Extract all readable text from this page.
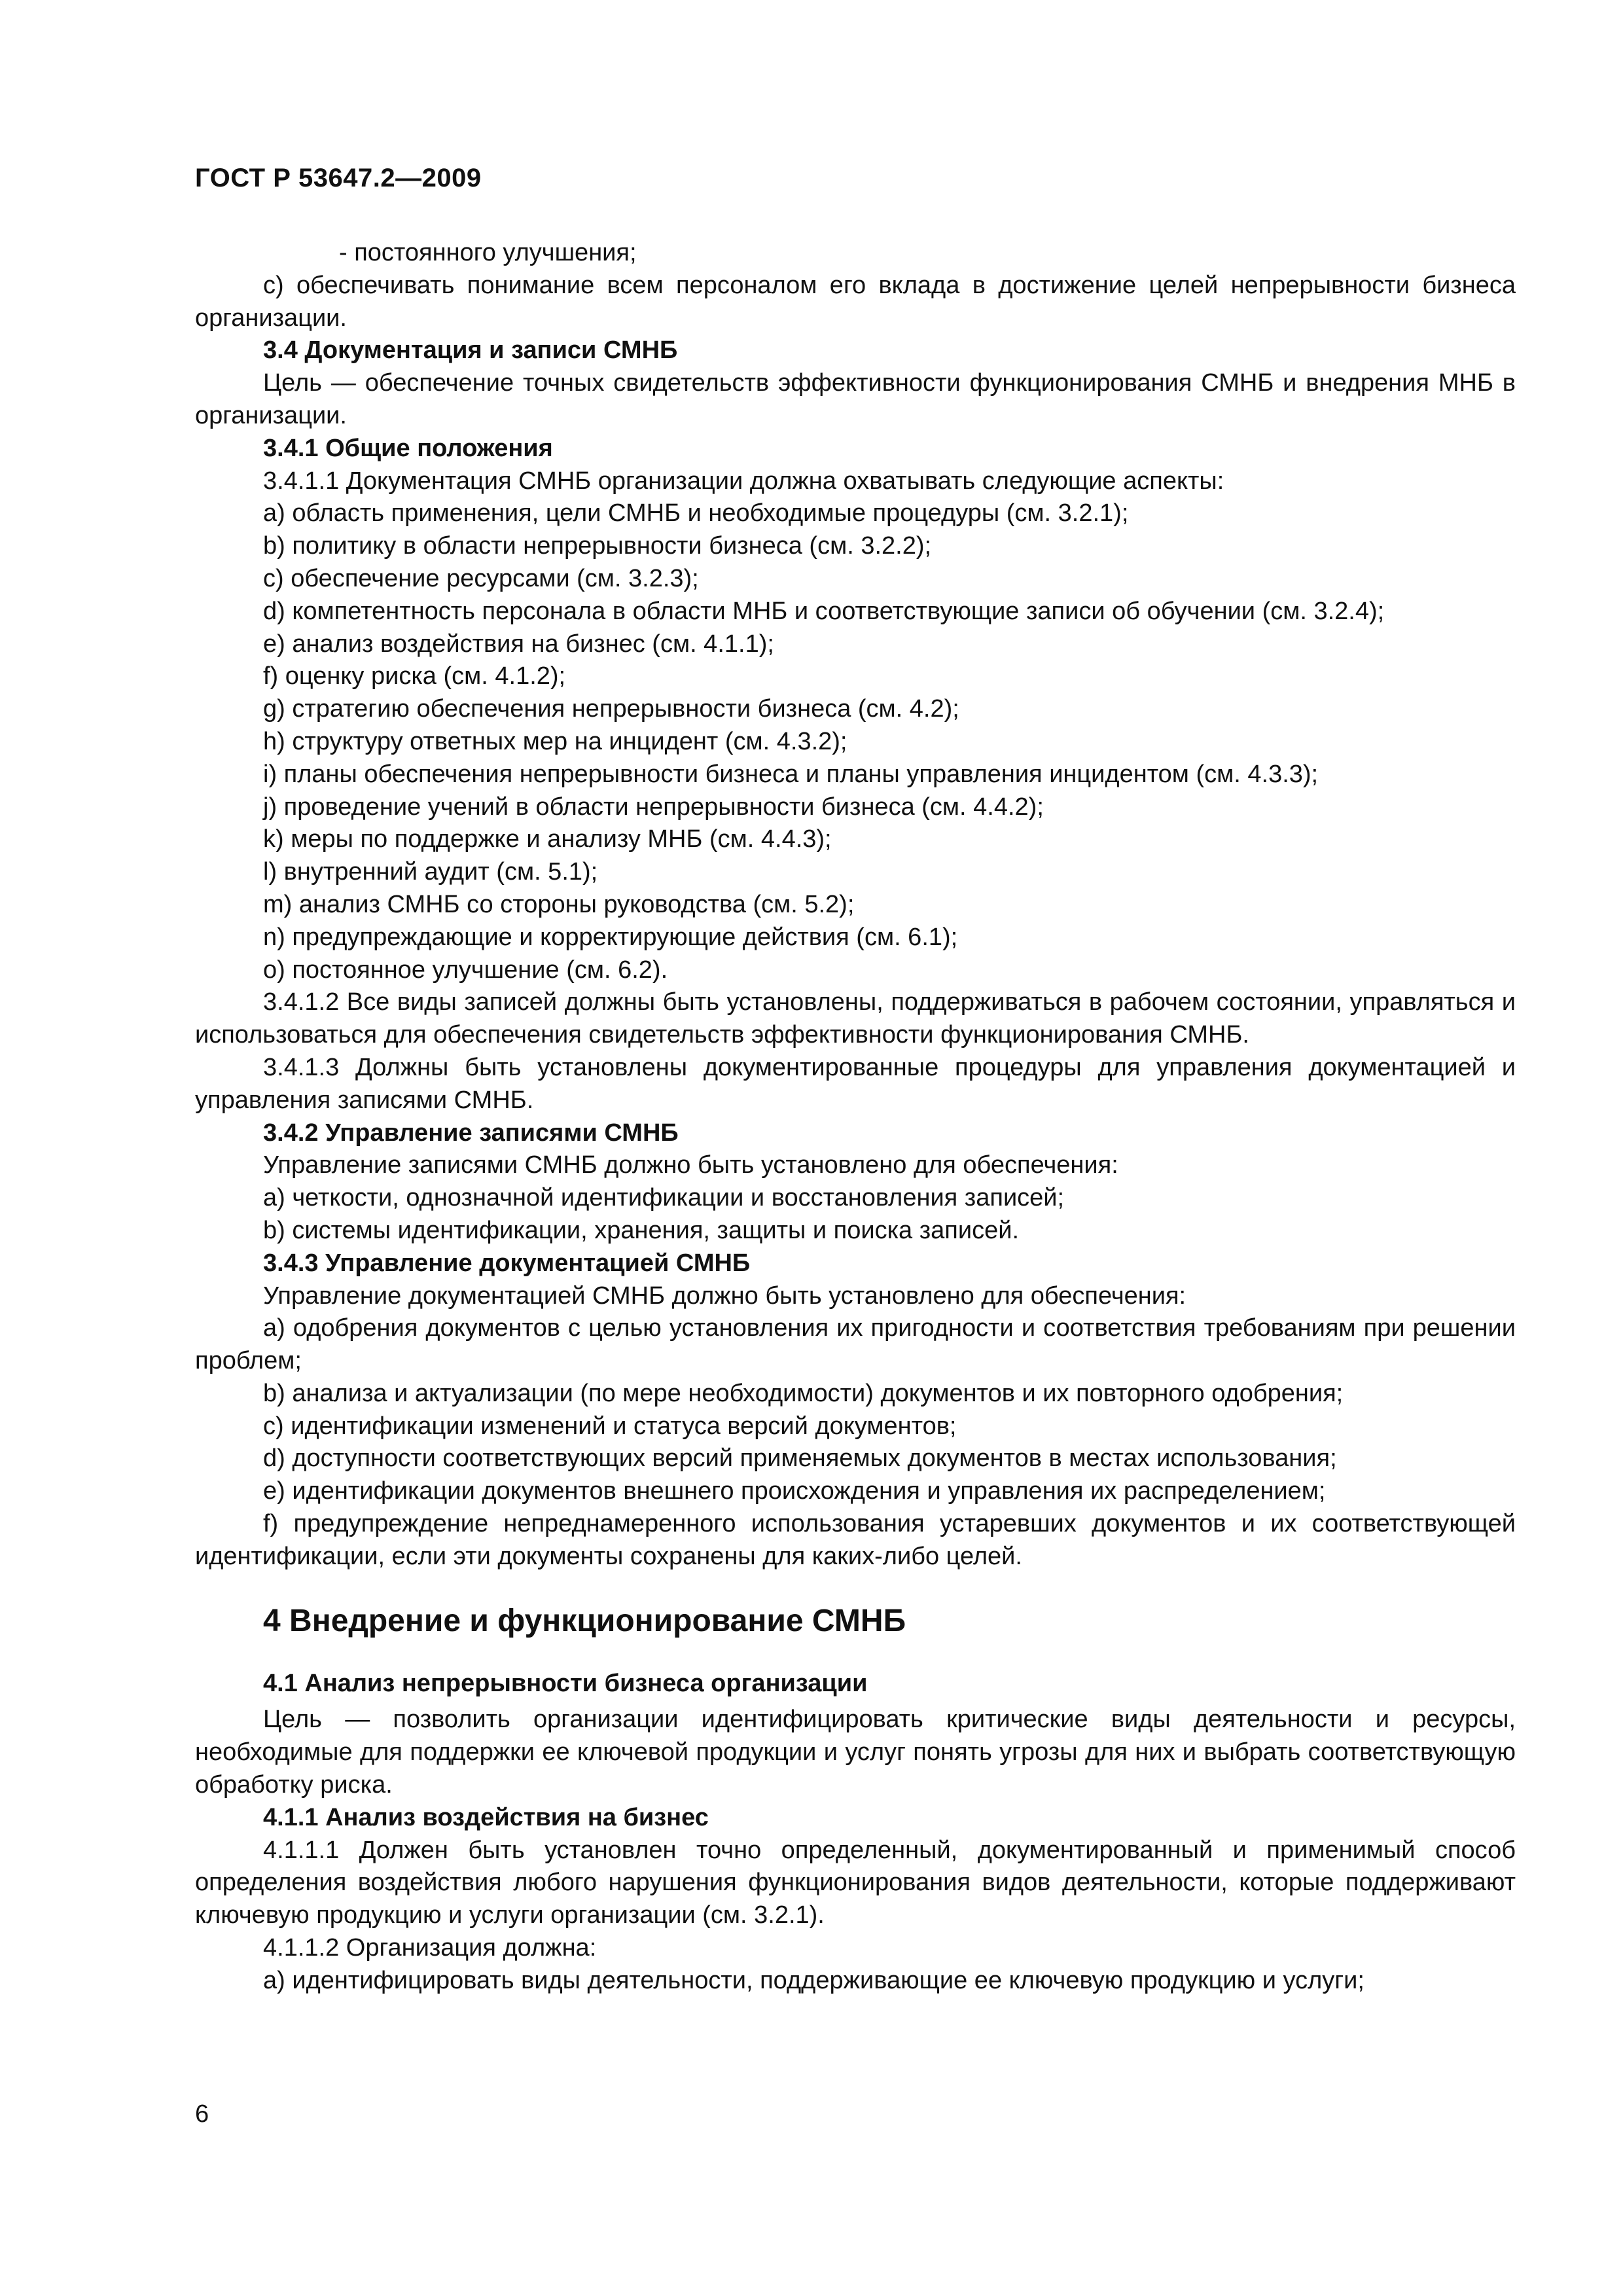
ГОСТ Р 53647.2—2009

- постоянного улучшения;

c) обеспечивать понимание всем персоналом его вклада в достижение целей непрерывности бизнеса организации.

3.4 Документация и записи СМНБ

Цель — обеспечение точных свидетельств эффективности функционирования СМНБ и внедрения МНБ в организации.

3.4.1 Общие положения

3.4.1.1 Документация СМНБ организации должна охватывать следующие аспекты:

a) область применения, цели СМНБ и необходимые процедуры (см. 3.2.1);

b) политику в области непрерывности бизнеса (см. 3.2.2);

c) обеспечение ресурсами (см. 3.2.3);

d) компетентность персонала в области МНБ и соответствующие записи об обучении (см. 3.2.4);

e) анализ воздействия на бизнес (см. 4.1.1);

f) оценку риска (см. 4.1.2);

g) стратегию обеспечения непрерывности бизнеса (см. 4.2);

h) структуру ответных мер на инцидент (см. 4.3.2);

i) планы обеспечения непрерывности бизнеса и планы управления инцидентом (см. 4.3.3);

j) проведение учений в области непрерывности бизнеса (см. 4.4.2);

k) меры по поддержке и анализу МНБ (см. 4.4.3);

l) внутренний аудит (см. 5.1);

m) анализ СМНБ со стороны руководства (см. 5.2);

n) предупреждающие и корректирующие действия (см. 6.1);

o) постоянное улучшение (см. 6.2).

3.4.1.2 Все виды записей должны быть установлены, поддерживаться в рабочем состоянии, управляться и использоваться для обеспечения свидетельств эффективности функционирования СМНБ.

3.4.1.3 Должны быть установлены документированные процедуры для управления документацией и управления записями СМНБ.

3.4.2 Управление записями СМНБ

Управление записями СМНБ должно быть установлено для обеспечения:

a) четкости, однозначной идентификации и восстановления записей;

b) системы идентификации, хранения, защиты и поиска записей.

3.4.3 Управление документацией СМНБ

Управление документацией СМНБ должно быть установлено для обеспечения:

a) одобрения документов с целью установления их пригодности и соответствия требованиям при решении проблем;

b) анализа и актуализации (по мере необходимости) документов и их повторного одобрения;

c) идентификации изменений и статуса версий документов;

d) доступности соответствующих версий применяемых документов в местах использования;

e) идентификации документов внешнего происхождения и управления их распределением;

f) предупреждение непреднамеренного использования устаревших документов и их соответствующей идентификации, если эти документы сохранены для каких-либо целей.

4 Внедрение и функционирование СМНБ

4.1 Анализ непрерывности бизнеса организации

Цель — позволить организации идентифицировать критические виды деятельности и ресурсы, необходимые для поддержки ее ключевой продукции и услуг понять угрозы для них и выбрать соответствующую обработку риска.

4.1.1 Анализ воздействия на бизнес

4.1.1.1 Должен быть установлен точно определенный, документированный и применимый способ определения воздействия любого нарушения функционирования видов деятельности, которые поддерживают ключевую продукцию и услуги организации (см. 3.2.1).

4.1.1.2 Организация должна:

a) идентифицировать виды деятельности, поддерживающие ее ключевую продукцию и услуги;

6
